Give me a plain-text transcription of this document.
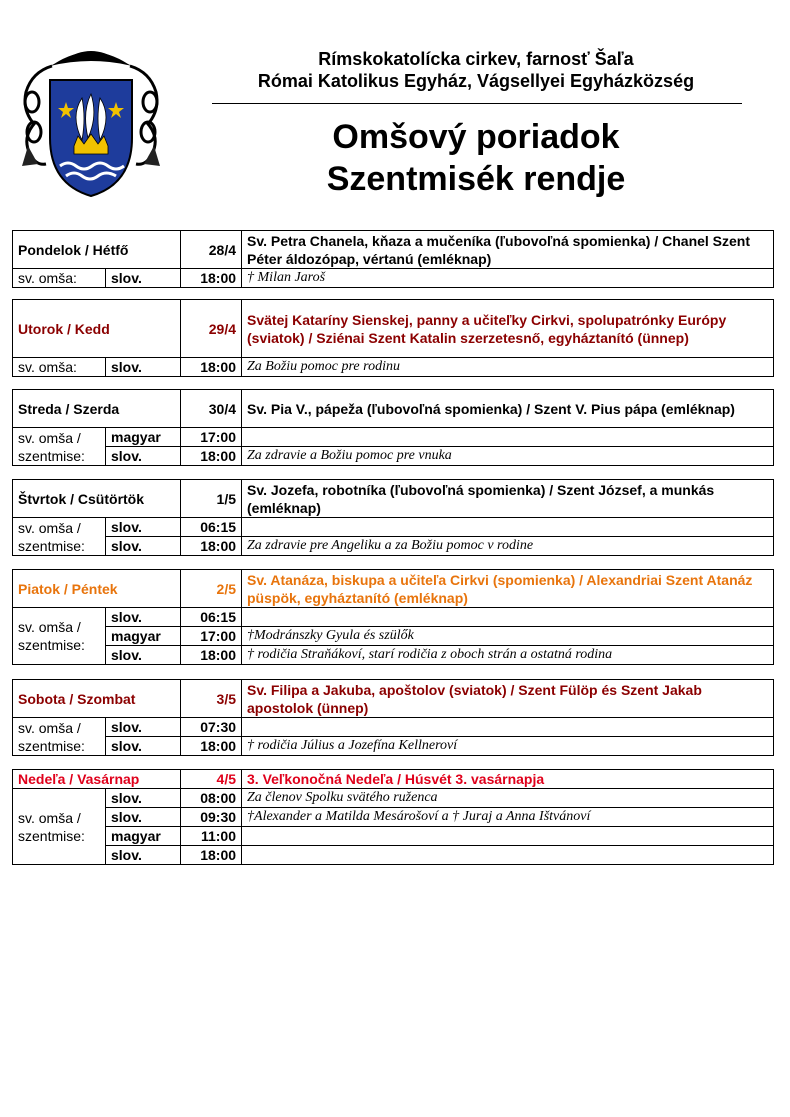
Rímskokatolícka cirkev, farnosť Šaľa
Római Katolikus Egyház, Vágsellyei Egyházközség
Omšový poriadok
Szentmisék rendje
Pondelok / Hétfő		28/4	Sv. Petra Chanela, kňaza a mučeníka (ľubovoľná spomienka) / Chanel Szent Péter áldozópap, vértanú (emléknap)
sv. omša:	slov.	18:00	† Milan Jaroš
Utorok / Kedd		29/4	Svätej Kataríny Sienskej, panny a učiteľky Cirkvi, spolupatrónky Európy (sviatok) / Sziénai Szent Katalin szerzetesnő, egyháztanító (ünnep)
sv. omša:	slov.	18:00	Za Božiu pomoc pre rodinu
Streda / Szerda		30/4	Sv. Pia V., pápeža (ľubovoľná spomienka) / Szent V. Pius pápa (emléknap)
sv. omša /
szentmise:	magyar	17:00	
	slov.	18:00	Za zdravie a Božiu pomoc pre vnuka
Štvrtok / Csütörtök		1/5	Sv. Jozefa, robotníka (ľubovoľná spomienka) / Szent József, a munkás (emléknap)
sv. omša /
szentmise:	slov.	06:15	
	slov.	18:00	Za zdravie pre Angeliku a za Božiu pomoc v rodine
Piatok / Péntek		2/5	Sv. Atanáza, biskupa a učiteľa Cirkvi (spomienka) / Alexandriai Szent Atanáz püspök, egyháztanító (emléknap)
sv. omša /
szentmise:	slov.	06:15	
	magyar	17:00	†Modránszky Gyula és szülők
	slov.	18:00	† rodičia Straňákoví, starí rodičia z oboch strán a ostatná rodina
Sobota / Szombat		3/5	Sv. Filipa a Jakuba, apoštolov (sviatok) / Szent Fülöp és Szent Jakab apostolok (ünnep)
sv. omša /
szentmise:	slov.	07:30	
	slov.	18:00	† rodičia Július a Jozefína Kellneroví
Nedeľa / Vasárnap		4/5	3. Veľkonočná Nedeľa / Húsvét 3. vasárnapja
sv. omša /
szentmise:	slov.	08:00	Za členov Spolku svätého ruženca
	slov.	09:30	†Alexander a Matilda Mesárošoví a † Juraj a Anna Ištvánoví
	magyar	11:00	
	slov.	18:00	
